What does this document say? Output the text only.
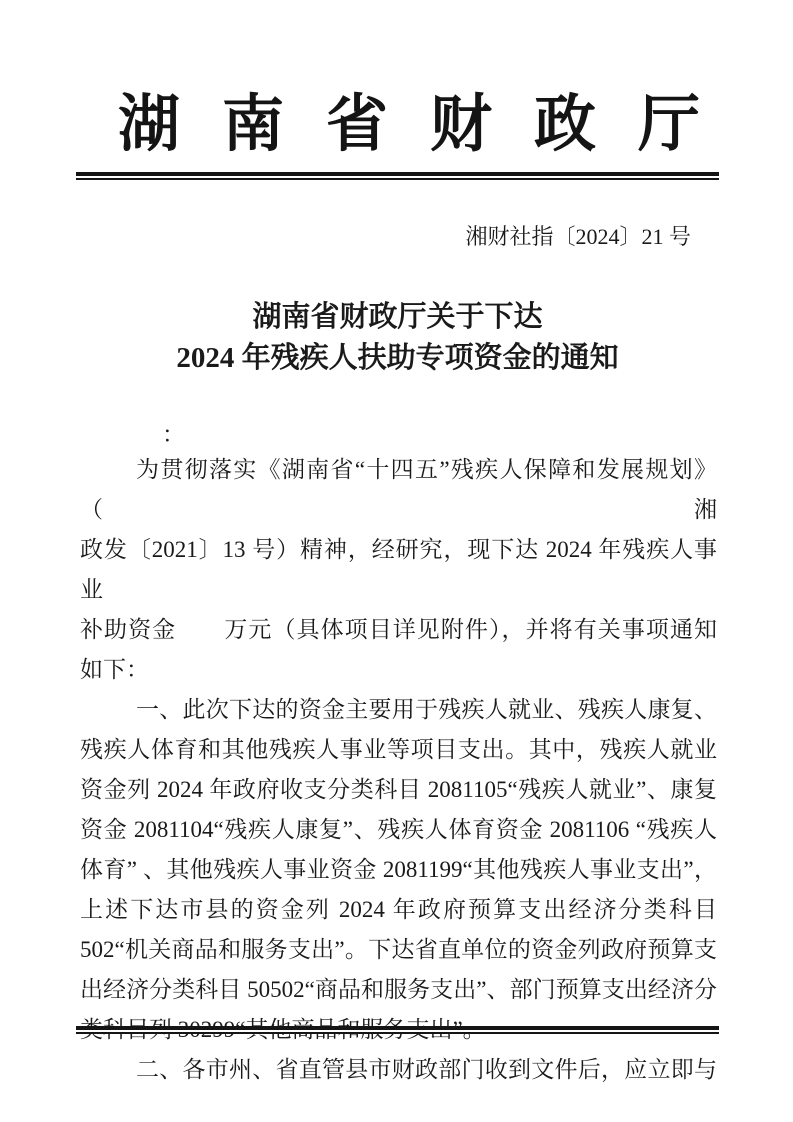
湖南省财政厅
湘财社指〔2024〕21 号
湖南省财政厅关于下达
2024 年残疾人扶助专项资金的通知
：
为贯彻落实《湖南省“十四五”残疾人保障和发展规划》（湘
政发〔2021〕13 号）精神，经研究，现下达 2024 年残疾人事业
补助资金　　万元（具体项目详见附件），并将有关事项通知
如下：
一、此次下达的资金主要用于残疾人就业、残疾人康复、
残疾人体育和其他残疾人事业等项目支出。其中，残疾人就业
资金列 2024 年政府收支分类科目 2081105“残疾人就业”、康复
资金 2081104“残疾人康复”、残疾人体育资金 2081106 “残疾人
体育” 、其他残疾人事业资金 2081199“其他残疾人事业支出”，
上述下达市县的资金列 2024 年政府预算支出经济分类科目
502“机关商品和服务支出”。下达省直单位的资金列政府预算支
出经济分类科目 50502“商品和服务支出”、部门预算支出经济分
二、各市州、省直管县市财政部门收到文件后，应立即与
